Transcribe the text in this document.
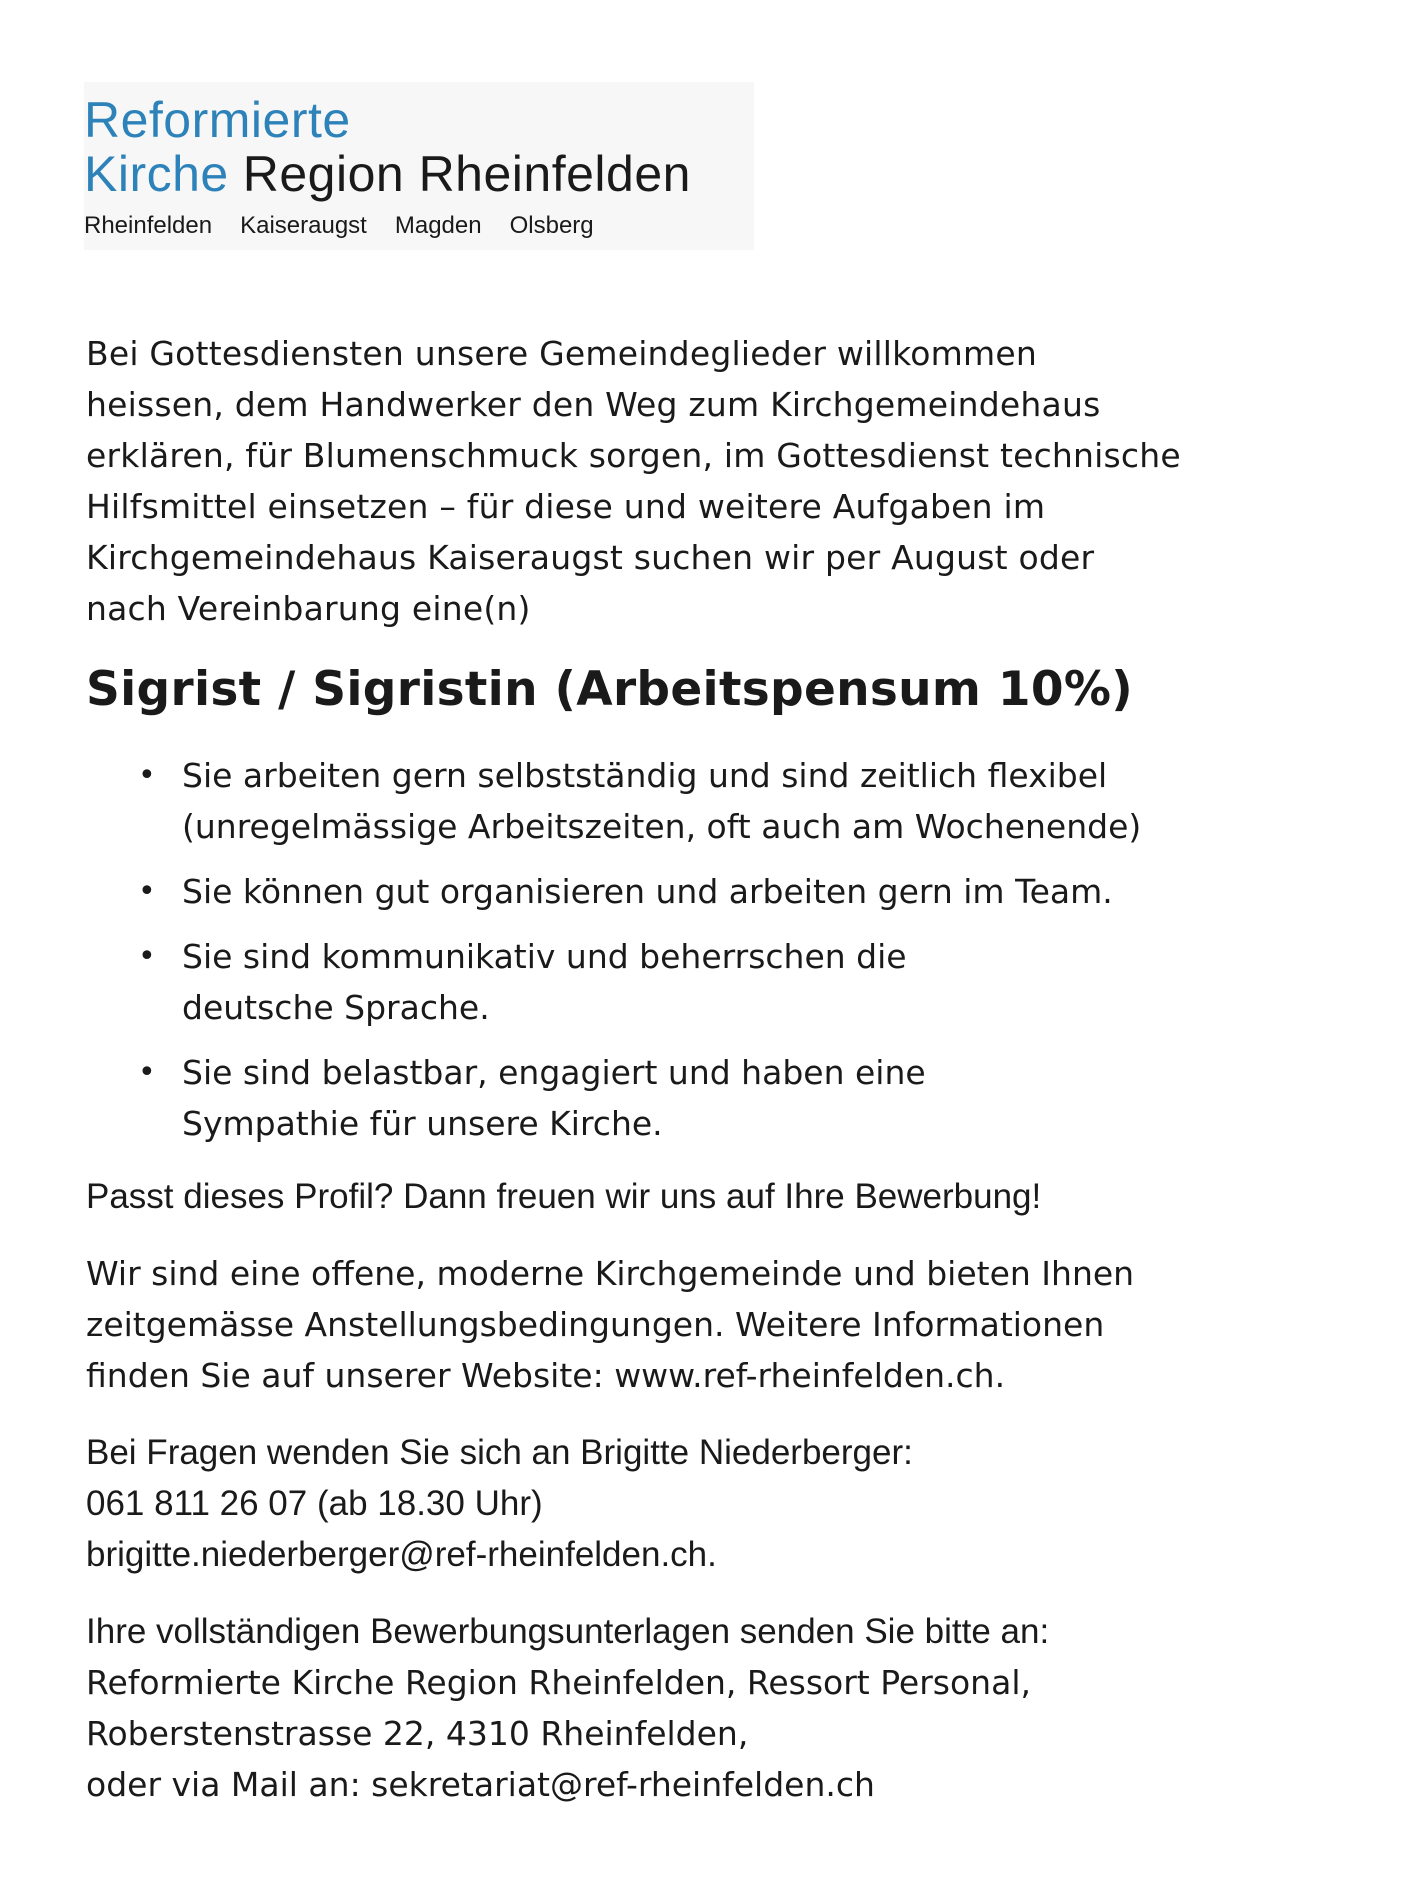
Reformierte
Kirche Region Rheinfelden
Rheinfelden Kaiseraugst Magden Olsberg
Bei Gottesdiensten unsere Gemeindeglieder willkommen
heissen, dem Handwerker den Weg zum Kirchgemeindehaus
erklären, für Blumenschmuck sorgen, im Gottesdienst technische
Hilfsmittel einsetzen – für diese und weitere Aufgaben im
Kirchgemeindehaus Kaiseraugst suchen wir per August oder
nach Vereinbarung eine(n)
Sigrist / Sigristin (Arbeitspensum 10%)
• Sie arbeiten gern selbstständig und sind zeitlich flexibel
(unregelmässige Arbeitszeiten, oft auch am Wochenende)
• Sie können gut organisieren und arbeiten gern im Team.
• Sie sind kommunikativ und beherrschen die
deutsche Sprache.
• Sie sind belastbar, engagiert und haben eine
Sympathie für unsere Kirche.
Passt dieses Profil? Dann freuen wir uns auf Ihre Bewerbung!
Wir sind eine offene, moderne Kirchgemeinde und bieten Ihnen
zeitgemässe Anstellungsbedingungen. Weitere Informationen
finden Sie auf unserer Website: www.ref-rheinfelden.ch.
Bei Fragen wenden Sie sich an Brigitte Niederberger:
061 811 26 07 (ab 18.30 Uhr)
brigitte.niederberger@ref-rheinfelden.ch.
Ihre vollständigen Bewerbungsunterlagen senden Sie bitte an:
Reformierte Kirche Region Rheinfelden, Ressort Personal,
Roberstenstrasse 22, 4310 Rheinfelden,
oder via Mail an: sekretariat@ref-rheinfelden.ch
